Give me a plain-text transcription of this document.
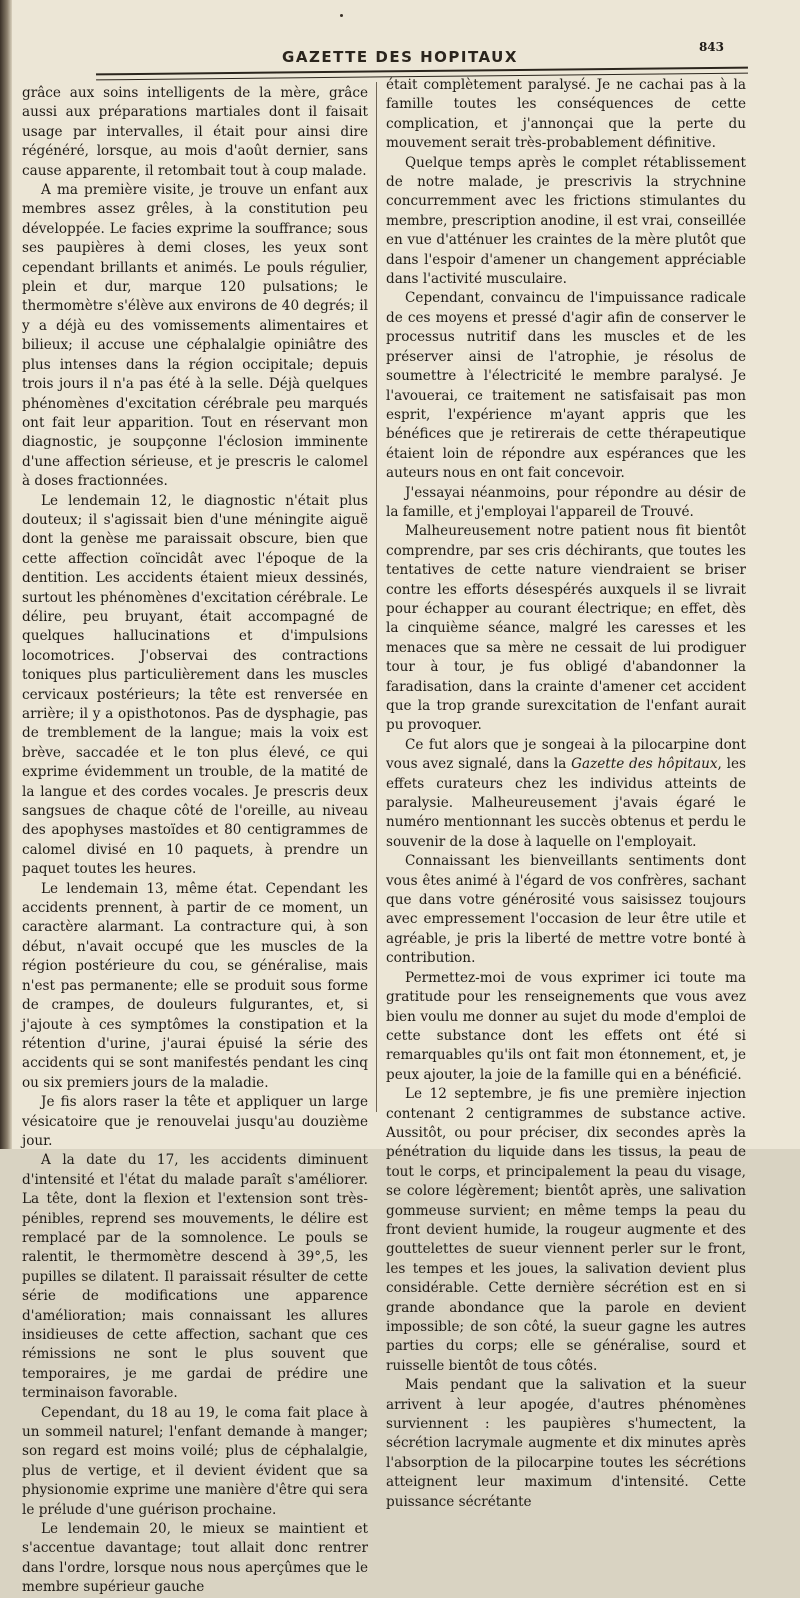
GAZETTE DES HOPITAUX
843

grâce aux soins intelligents de la mère, grâce aussi aux préparations martiales dont il faisait usage par intervalles, il était pour ainsi dire régénéré, lorsque, au mois d'août dernier, sans cause apparente, il retombait tout à coup malade.

A ma première visite, je trouve un enfant aux membres assez grêles, à la constitution peu développée. Le facies exprime la souffrance; sous ses paupières à demi closes, les yeux sont cependant brillants et animés. Le pouls régulier, plein et dur, marque 120 pulsations; le thermomètre s'élève aux environs de 40 degrés; il y a déjà eu des vomissements alimentaires et bilieux; il accuse une céphalalgie opiniâtre des plus intenses dans la région occipitale; depuis trois jours il n'a pas été à la selle. Déjà quelques phénomènes d'excitation cérébrale peu marqués ont fait leur apparition. Tout en réservant mon diagnostic, je soupçonne l'éclosion imminente d'une affection sérieuse, et je prescris le calomel à doses fractionnées.

Le lendemain 12, le diagnostic n'était plus douteux; il s'agissait bien d'une méningite aiguë dont la genèse me paraissait obscure, bien que cette affection coïncidât avec l'époque de la dentition. Les accidents étaient mieux dessinés, surtout les phénomènes d'excitation cérébrale. Le délire, peu bruyant, était accompagné de quelques hallucinations et d'impulsions locomotrices. J'observai des contractions toniques plus particulièrement dans les muscles cervicaux postérieurs; la tête est renversée en arrière; il y a opisthotonos. Pas de dysphagie, pas de tremblement de la langue; mais la voix est brève, saccadée et le ton plus élevé, ce qui exprime évidemment un trouble, de la matité de la langue et des cordes vocales. Je prescris deux sangsues de chaque côté de l'oreille, au niveau des apophyses mastoïdes et 80 centigrammes de calomel divisé en 10 paquets, à prendre un paquet toutes les heures.

Le lendemain 13, même état. Cependant les accidents prennent, à partir de ce moment, un caractère alarmant. La contracture qui, à son début, n'avait occupé que les muscles de la région postérieure du cou, se généralise, mais n'est pas permanente; elle se produit sous forme de crampes, de douleurs fulgurantes, et, si j'ajoute à ces symptômes la constipation et la rétention d'urine, j'aurai épuisé la série des accidents qui se sont manifestés pendant les cinq ou six premiers jours de la maladie.

Je fis alors raser la tête et appliquer un large vésicatoire que je renouvelai jusqu'au douzième jour.

A la date du 17, les accidents diminuent d'intensité et l'état du malade paraît s'améliorer. La tête, dont la flexion et l'extension sont très-pénibles, reprend ses mouvements, le délire est remplacé par de la somnolence. Le pouls se ralentit, le thermomètre descend à 39°,5, les pupilles se dilatent. Il paraissait résulter de cette série de modifications une apparence d'amélioration; mais connaissant les allures insidieuses de cette affection, sachant que ces rémissions ne sont le plus souvent que temporaires, je me gardai de prédire une terminaison favorable.

Cependant, du 18 au 19, le coma fait place à un sommeil naturel; l'enfant demande à manger; son regard est moins voilé; plus de céphalalgie, plus de vertige, et il devient évident que sa physionomie exprime une manière d'être qui sera le prélude d'une guérison prochaine.

Le lendemain 20, le mieux se maintient et s'accentue davantage; tout allait donc rentrer dans l'ordre, lorsque nous nous aperçûmes que le membre supérieur gauche

était complètement paralysé. Je ne cachai pas à la famille toutes les conséquences de cette complication, et j'annonçai que la perte du mouvement serait très-probablement définitive.

Quelque temps après le complet rétablissement de notre malade, je prescrivis la strychnine concurremment avec les frictions stimulantes du membre, prescription anodine, il est vrai, conseillée en vue d'atténuer les craintes de la mère plutôt que dans l'espoir d'amener un changement appréciable dans l'activité musculaire.

Cependant, convaincu de l'impuissance radicale de ces moyens et pressé d'agir afin de conserver le processus nutritif dans les muscles et de les préserver ainsi de l'atrophie, je résolus de soumettre à l'électricité le membre paralysé. Je l'avouerai, ce traitement ne satisfaisait pas mon esprit, l'expérience m'ayant appris que les bénéfices que je retirerais de cette thérapeutique étaient loin de répondre aux espérances que les auteurs nous en ont fait concevoir.

J'essayai néanmoins, pour répondre au désir de la famille, et j'employai l'appareil de Trouvé.

Malheureusement notre patient nous fit bientôt comprendre, par ses cris déchirants, que toutes les tentatives de cette nature viendraient se briser contre les efforts désespérés auxquels il se livrait pour échapper au courant électrique; en effet, dès la cinquième séance, malgré les caresses et les menaces que sa mère ne cessait de lui prodiguer tour à tour, je fus obligé d'abandonner la faradisation, dans la crainte d'amener cet accident que la trop grande surexcitation de l'enfant aurait pu provoquer.

Ce fut alors que je songeai à la pilocarpine dont vous avez signalé, dans la Gazette des hôpitaux, les effets curateurs chez les individus atteints de paralysie. Malheureusement j'avais égaré le numéro mentionnant les succès obtenus et perdu le souvenir de la dose à laquelle on l'employait.

Connaissant les bienveillants sentiments dont vous êtes animé à l'égard de vos confrères, sachant que dans votre générosité vous saisissez toujours avec empressement l'occasion de leur être utile et agréable, je pris la liberté de mettre votre bonté à contribution.

Permettez-moi de vous exprimer ici toute ma gratitude pour les renseignements que vous avez bien voulu me donner au sujet du mode d'emploi de cette substance dont les effets ont été si remarquables qu'ils ont fait mon étonnement, et, je peux ajouter, la joie de la famille qui en a bénéficié.

Le 12 septembre, je fis une première injection contenant 2 centigrammes de substance active. Aussitôt, ou pour préciser, dix secondes après la pénétration du liquide dans les tissus, la peau de tout le corps, et principalement la peau du visage, se colore légèrement; bientôt après, une salivation gommeuse survient; en même temps la peau du front devient humide, la rougeur augmente et des gouttelettes de sueur viennent perler sur le front, les tempes et les joues, la salivation devient plus considérable. Cette dernière sécrétion est en si grande abondance que la parole en devient impossible; de son côté, la sueur gagne les autres parties du corps; elle se généralise, sourd et ruisselle bientôt de tous côtés.

Mais pendant que la salivation et la sueur arrivent à leur apogée, d'autres phénomènes surviennent : les paupières s'humectent, la sécrétion lacrymale augmente et dix minutes après l'absorption de la pilocarpine toutes les sécrétions atteignent leur maximum d'intensité. Cette puissance sécrétante
